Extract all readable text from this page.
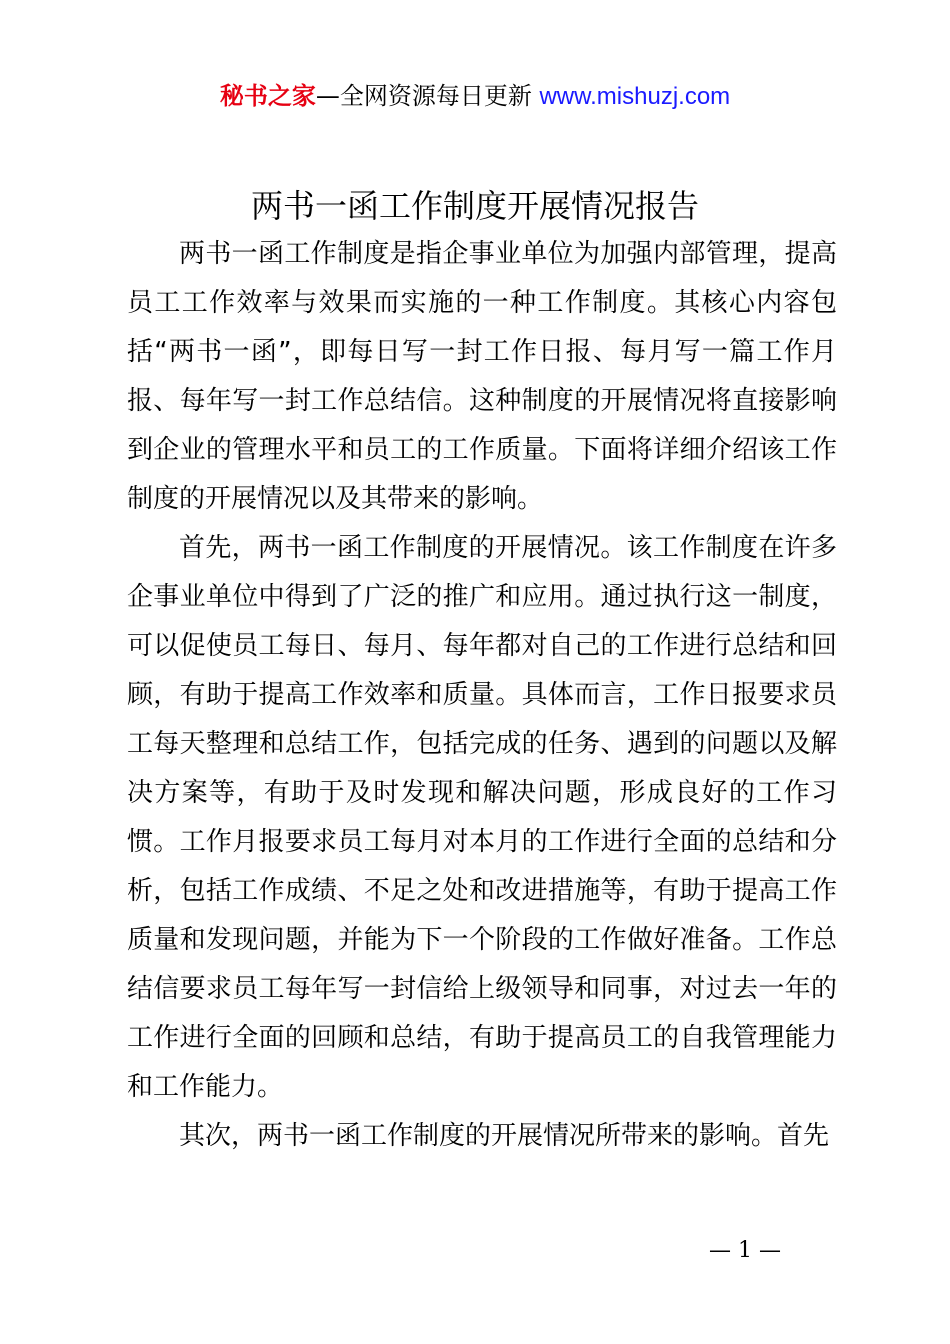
秘书之家—全网资源每日更新 www.mishuzj.com
两书一函工作制度开展情况报告

两书一函工作制度是指企事业单位为加强内部管理，提高员工工作效率与效果而实施的一种工作制度。其核心内容包括“两书一函”，即每日写一封工作日报、每月写一篇工作月报、每年写一封工作总结信。这种制度的开展情况将直接影响到企业的管理水平和员工的工作质量。下面将详细介绍该工作制度的开展情况以及其带来的影响。

首先，两书一函工作制度的开展情况。该工作制度在许多企事业单位中得到了广泛的推广和应用。通过执行这一制度，可以促使员工每日、每月、每年都对自己的工作进行总结和回顾，有助于提高工作效率和质量。具体而言，工作日报要求员工每天整理和总结工作，包括完成的任务、遇到的问题以及解决方案等，有助于及时发现和解决问题，形成良好的工作习惯。工作月报要求员工每月对本月的工作进行全面的总结和分析，包括工作成绩、不足之处和改进措施等，有助于提高工作质量和发现问题，并能为下一个阶段的工作做好准备。工作总结信要求员工每年写一封信给上级领导和同事，对过去一年的工作进行全面的回顾和总结，有助于提高员工的自我管理能力和工作能力。

其次，两书一函工作制度的开展情况所带来的影响。首先

— 1 —
